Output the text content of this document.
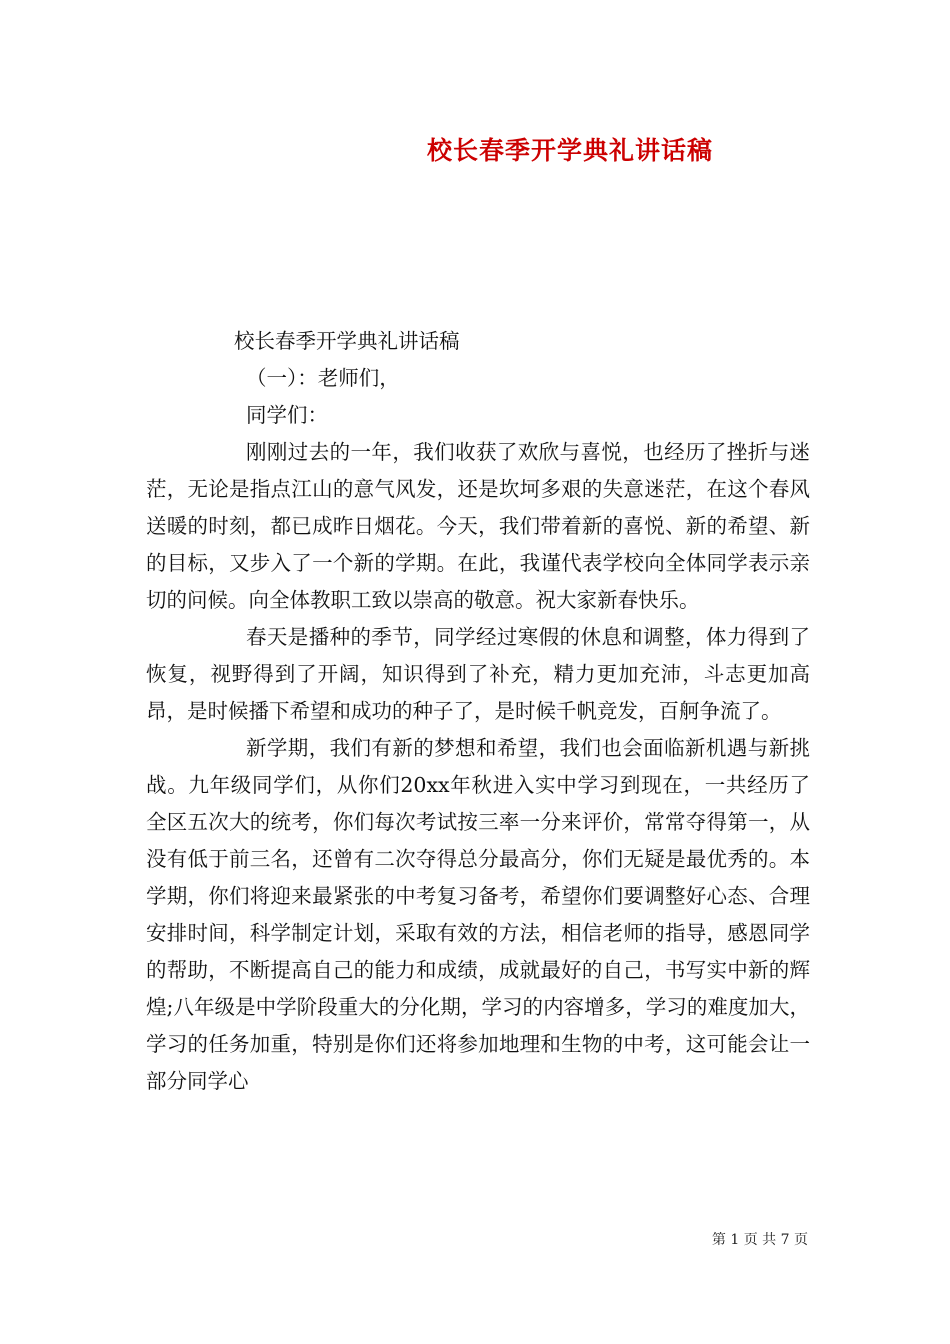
校长春季开学典礼讲话稿
校长春季开学典礼讲话稿
（一）：老师们，
同学们：

刚刚过去的一年，我们收获了欢欣与喜悦，也经历了挫折与迷茫，无论是指点江山的意气风发，还是坎坷多艰的失意迷茫，在这个春风送暖的时刻，都已成昨日烟花。今天，我们带着新的喜悦、新的希望、新的目标，又步入了一个新的学期。在此，我谨代表学校向全体同学表示亲切的问候。向全体教职工致以崇高的敬意。祝大家新春快乐。

春天是播种的季节，同学经过寒假的休息和调整，体力得到了恢复，视野得到了开阔，知识得到了补充，精力更加充沛，斗志更加高昂，是时候播下希望和成功的种子了，是时候千帆竞发，百舸争流了。

新学期，我们有新的梦想和希望，我们也会面临新机遇与新挑战。九年级同学们，从你们20xx年秋进入实中学习到现在，一共经历了全区五次大的统考，你们每次考试按三率一分来评价，常常夺得第一，从没有低于前三名，还曾有二次夺得总分最高分，你们无疑是最优秀的。本学期，你们将迎来最紧张的中考复习备考，希望你们要调整好心态、合理安排时间，科学制定计划，采取有效的方法，相信老师的指导，感恩同学的帮助，不断提高自己的能力和成绩，成就最好的自己，书写实中新的辉煌;八年级是中学阶段重大的分化期，学习的内容增多，学习的难度加大，学习的任务加重，特别是你们还将参加地理和生物的中考，这可能会让一部分同学心

第 1 页 共 7 页
